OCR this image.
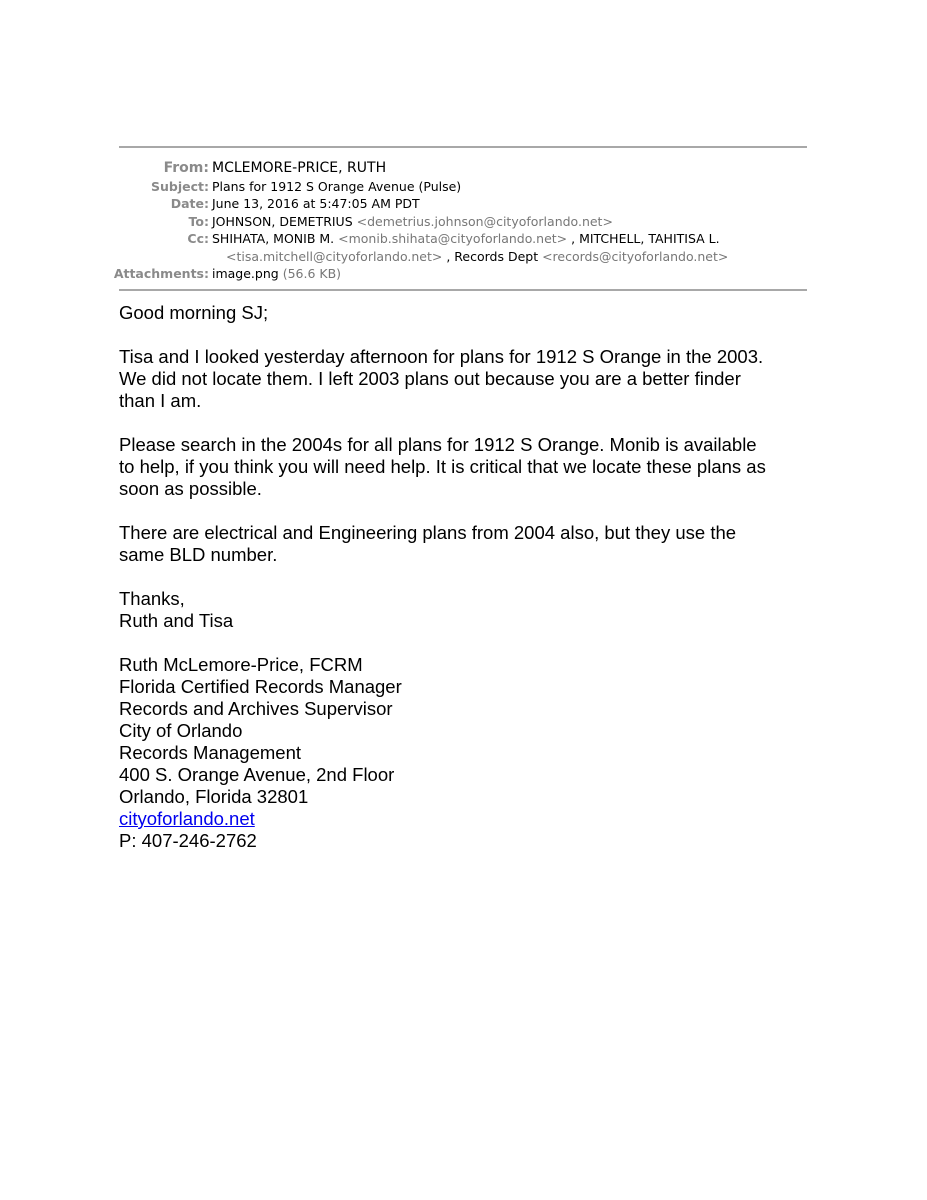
From: MCLEMORE-PRICE, RUTH
Subject: Plans for 1912 S Orange Avenue (Pulse)
Date: June 13, 2016 at 5:47:05 AM PDT
To: JOHNSON, DEMETRIUS <demetrius.johnson@cityoforlando.net>
Cc: SHIHATA, MONIB M. <monib.shihata@cityoforlando.net> , MITCHELL, TAHITISA L.
<tisa.mitchell@cityoforlando.net> , Records Dept <records@cityoforlando.net>
Attachments: image.png (56.6 KB)

Good morning SJ;

Tisa and I looked yesterday afternoon for plans for 1912 S Orange in the 2003.
We did not locate them. I left 2003 plans out because you are a better finder
than I am.

Please search in the 2004s for all plans for 1912 S Orange. Monib is available
to help, if you think you will need help. It is critical that we locate these plans as
soon as possible.

There are electrical and Engineering plans from 2004 also, but they use the
same BLD number.

Thanks,
Ruth and Tisa

Ruth McLemore-Price, FCRM
Florida Certified Records Manager
Records and Archives Supervisor
City of Orlando
Records Management
400 S. Orange Avenue, 2nd Floor
Orlando, Florida 32801
cityoforlando.net
P: 407-246-2762
